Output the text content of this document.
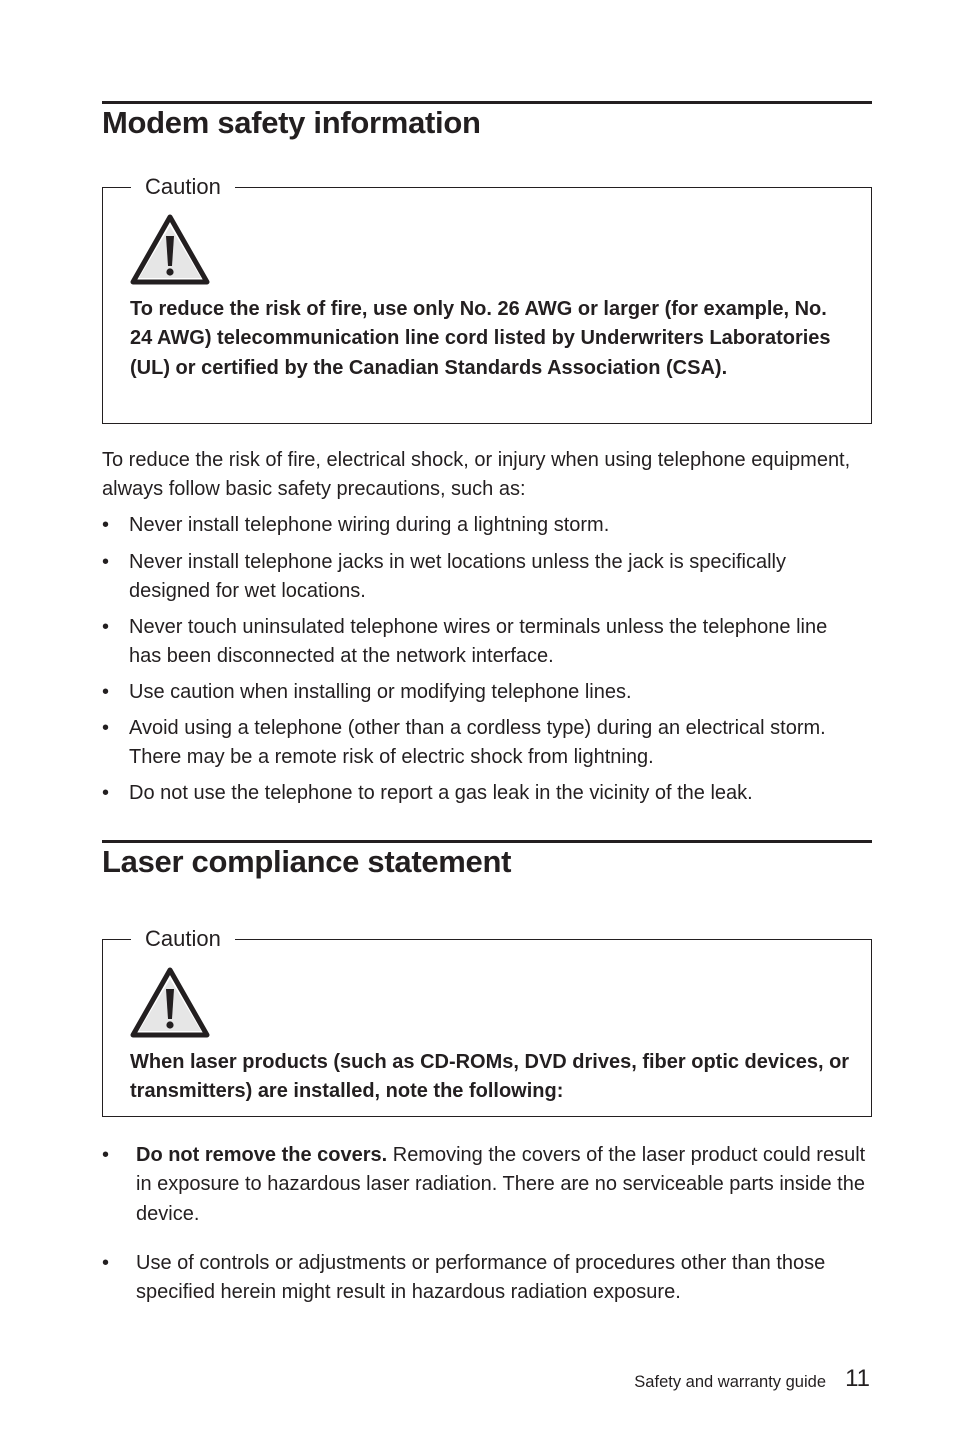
Modem safety information
Caution
To reduce the risk of fire, use only No. 26 AWG or larger (for example, No. 24 AWG) telecommunication line cord listed by Underwriters Laboratories (UL) or certified by the Canadian Standards Association (CSA).
To reduce the risk of fire, electrical shock, or injury when using telephone equipment, always follow basic safety precautions, such as:
• Never install telephone wiring during a lightning storm.
• Never install telephone jacks in wet locations unless the jack is specifically designed for wet locations.
• Never touch uninsulated telephone wires or terminals unless the telephone line has been disconnected at the network interface.
• Use caution when installing or modifying telephone lines.
• Avoid using a telephone (other than a cordless type) during an electrical storm. There may be a remote risk of electric shock from lightning.
• Do not use the telephone to report a gas leak in the vicinity of the leak.
Laser compliance statement
Caution
When laser products (such as CD-ROMs, DVD drives, fiber optic devices, or transmitters) are installed, note the following:
• Do not remove the covers. Removing the covers of the laser product could result in exposure to hazardous laser radiation. There are no serviceable parts inside the device.
• Use of controls or adjustments or performance of procedures other than those specified herein might result in hazardous radiation exposure.
Safety and warranty guide 11
